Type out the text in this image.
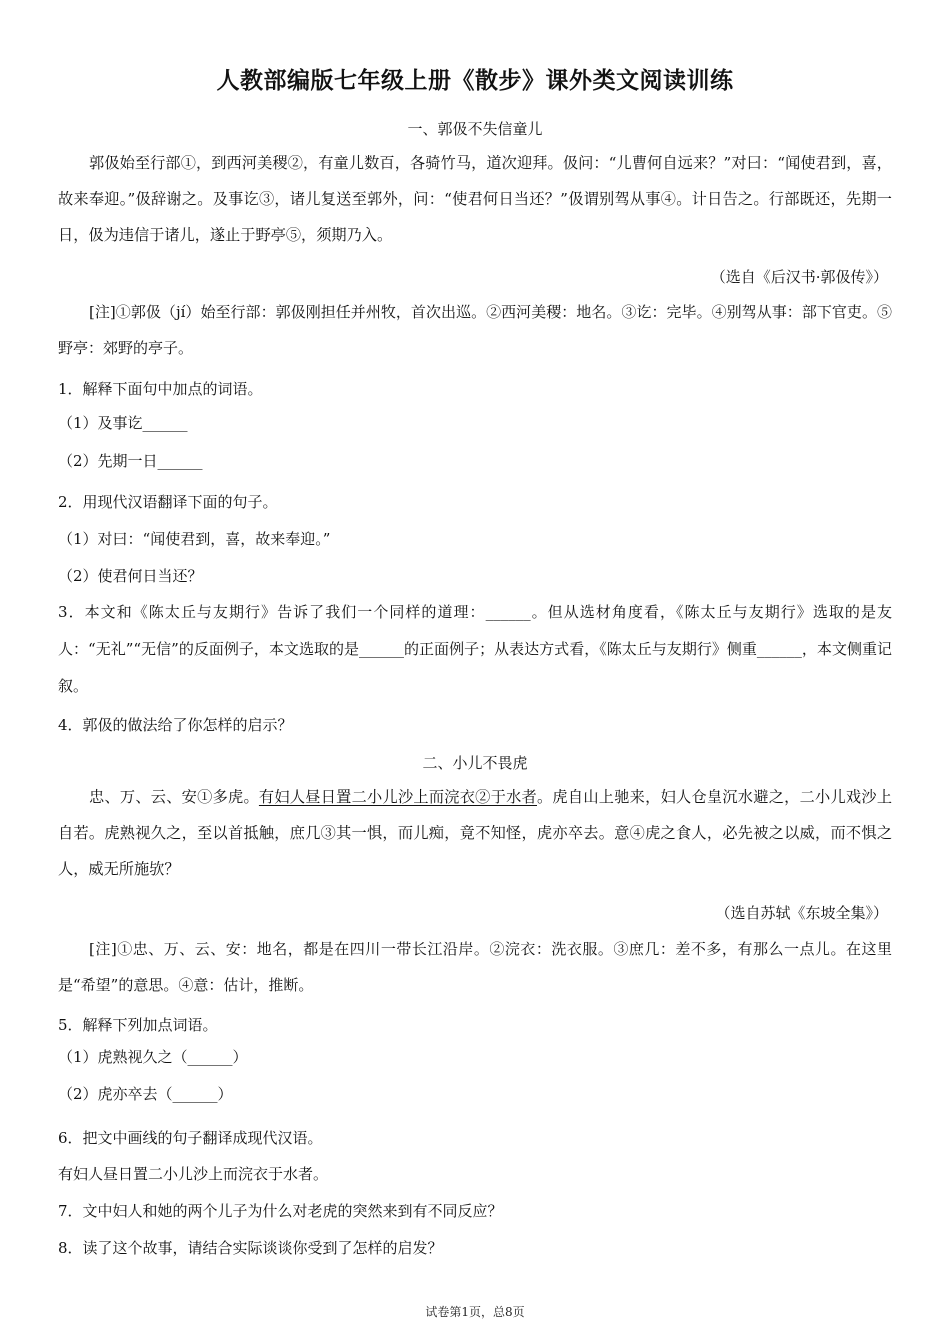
人教部编版七年级上册《散步》课外类文阅读训练
一、郭伋不失信童儿

郭伋始至行部①，到西河美稷②，有童儿数百，各骑竹马，道次迎拜。伋问：“儿曹何自远来？”对曰：“闻使君到，喜，故来奉迎。”伋辞谢之。及事讫③，诸儿复送至郭外，问：“使君何日当还？”伋谓别驾从事④。计日告之。行部既还，先期一日，伋为违信于诸儿，遂止于野亭⑤，须期乃入。

（选自《后汉书·郭伋传》）

[注]①郭伋（jí）始至行部：郭伋刚担任并州牧，首次出巡。②西河美稷：地名。③讫：完毕。④别驾从事：部下官吏。⑤野亭：郊野的亭子。

1．解释下面句中加点的词语。
（1）及事讫______
（2）先期一日______
2．用现代汉语翻译下面的句子。
（1）对曰：“闻使君到，喜，故来奉迎。”
（2）使君何日当还？

3．本文和《陈太丘与友期行》告诉了我们一个同样的道理：______。但从选材角度看，《陈太丘与友期行》选取的是友人：“无礼”“无信”的反面例子，本文选取的是______的正面例子；从表达方式看，《陈太丘与友期行》侧重______，本文侧重记叙。

4．郭伋的做法给了你怎样的启示？
二、小儿不畏虎

忠、万、云、安①多虎。有妇人昼日置二小儿沙上而浣衣②于水者。虎自山上驰来，妇人仓皇沉水避之，二小儿戏沙上自若。虎熟视久之，至以首抵触，庶几③其一惧，而儿痴，竟不知怪，虎亦卒去。意④虎之食人，必先被之以威，而不惧之人，威无所施欤？

（选自苏轼《东坡全集》）

[注]①忠、万、云、安：地名，都是在四川一带长江沿岸。②浣衣：洗衣服。③庶几：差不多，有那么一点儿。在这里是“希望”的意思。④意：估计，推断。

5．解释下列加点词语。
（1）虎熟视久之（______）
（2）虎亦卒去（______）
6．把文中画线的句子翻译成现代汉语。
有妇人昼日置二小儿沙上而浣衣于水者。
7．文中妇人和她的两个儿子为什么对老虎的突然来到有不同反应？
8．读了这个故事，请结合实际谈谈你受到了怎样的启发？
试卷第1页，总8页
